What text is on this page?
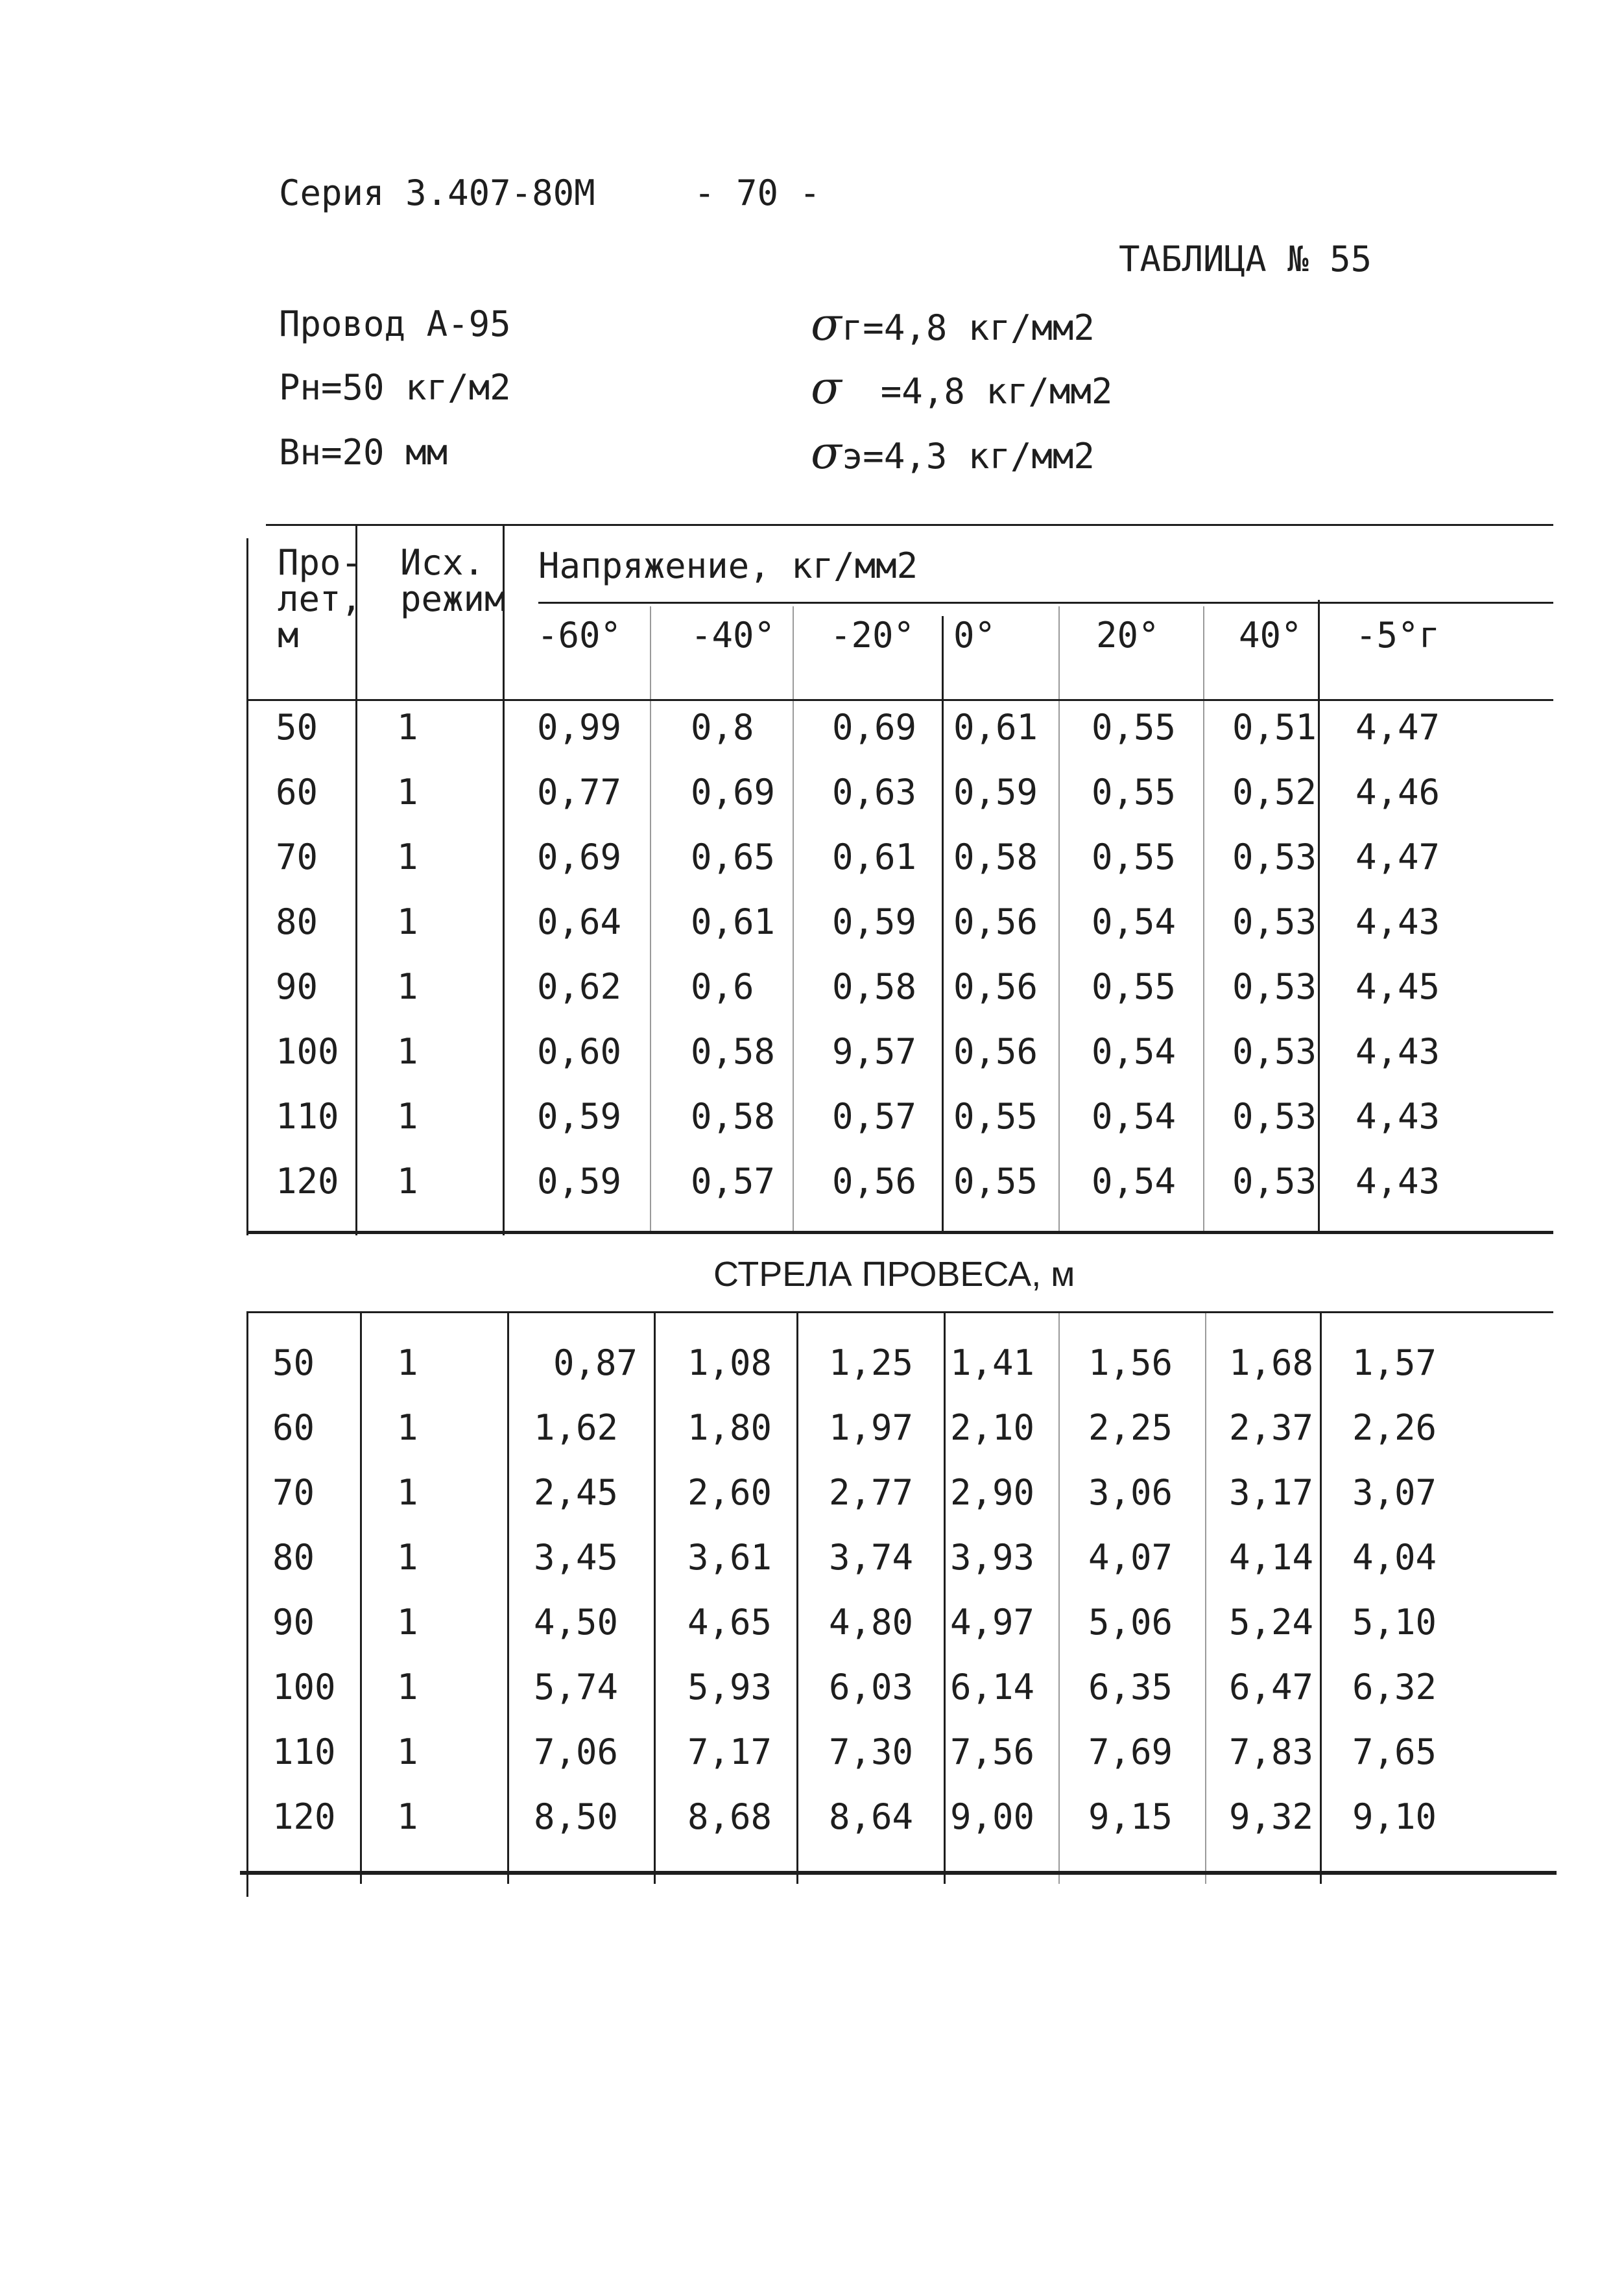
Серия 3.407-80М	- 70 -
ТАБЛИЦА № 55
Провод А-95
Рн=50 кг/м2
Вн=20 мм
σг=4,8 кг/мм2
σ =4,8 кг/мм2
σэ=4,3 кг/мм2
Про-
лет,
м
Исх.
режим
Напряжение, кг/мм2
-60° -40° -20° 0°	20° 40° -5°г
50 1	0,99 0,8 0,69 0,61 0,55 0,51 4,47
60 1	0,77 0,69 0,63 0,59 0,55 0,52 4,46
70 1	0,69 0,65 0,61 0,58 0,55 0,53 4,47
80 1	0,64 0,61 0,59 0,56 0,54 0,53 4,43
90 1	0,62 0,6 0,58 0,56 0,55 0,53 4,45
100 1	0,60 0,58 9,57 0,56 0,54 0,53 4,43
110 1	0,59 0,58 0,57 0,55 0,54 0,53 4,43
120 1	0,59 0,57 0,56 0,55 0,54 0,53 4,43
СТРЕЛА ПРОВЕСА, м
50 1	0,87 1,08 1,25 1,41 1,56 1,68 1,57
60 1	1,62 1,80 1,97 2,10 2,25 2,37 2,26
70 1	2,45 2,60 2,77 2,90 3,06 3,17 3,07
80 1	3,45 3,61 3,74 3,93 4,07 4,14 4,04
90 1	4,50 4,65 4,80 4,97 5,06 5,24 5,10
100 1	5,74 5,93 6,03 6,14 6,35 6,47 6,32
110 1	7,06 7,17 7,30 7,56 7,69 7,83 7,65
120 1	8,50 8,68 8,64 9,00 9,15 9,32 9,10
